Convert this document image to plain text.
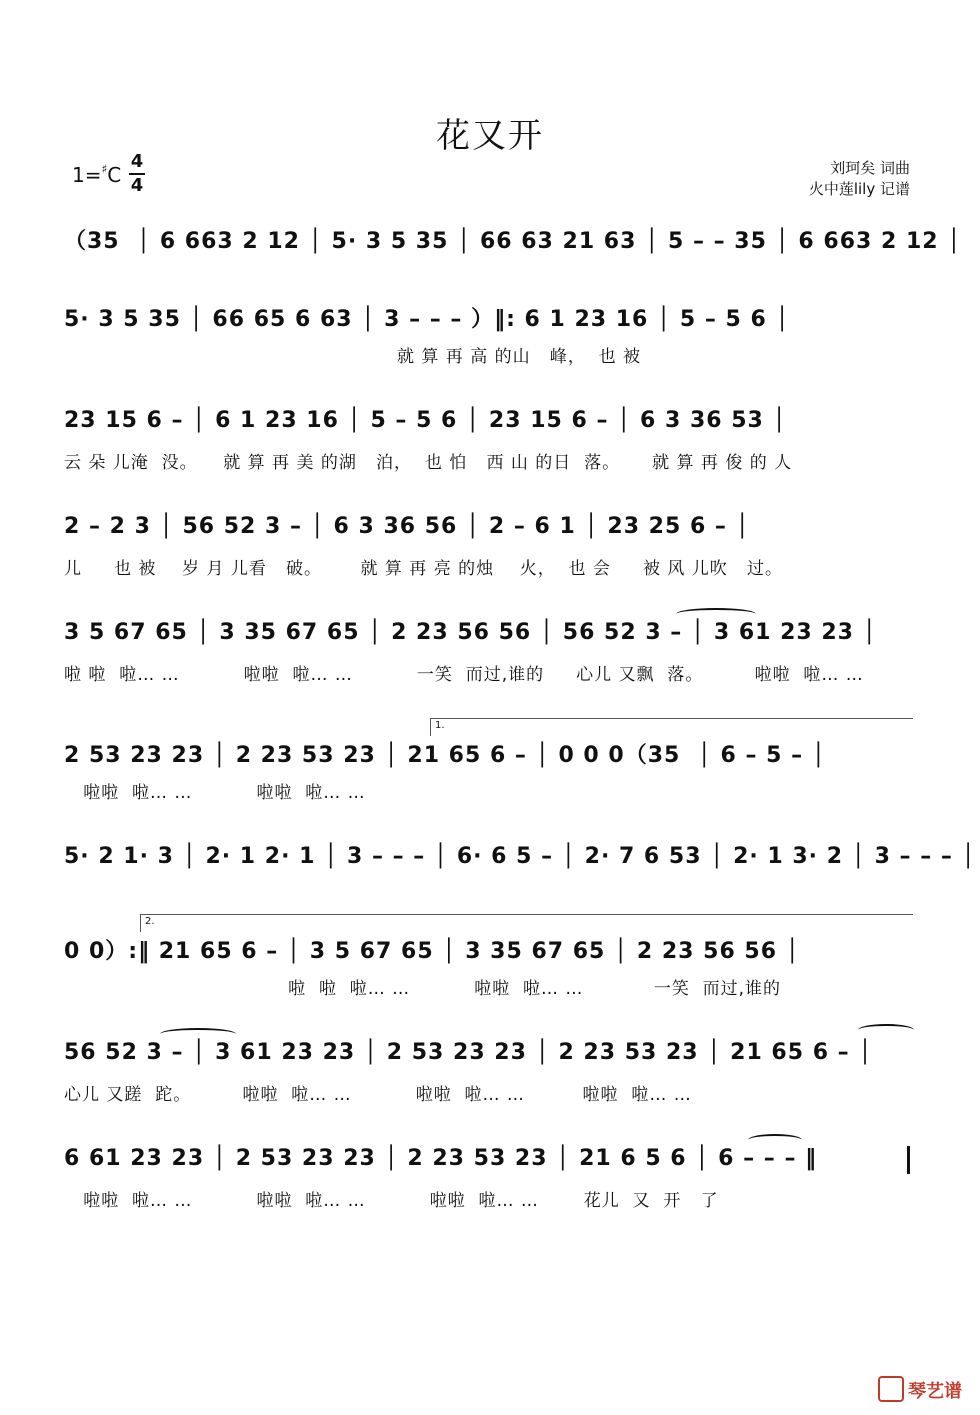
花又开
1=♯C
4
4
刘珂矣 词曲
火中莲lily 记谱
（35  │ 6 663 2 12 │ 5· 3 5 35 │ 66 63 21 63 │ 5 – – 35 │ 6 663 2 12 │
5· 3 5 35 │ 66 65 6 63 │ 3 – – – ）‖: 6 1 23 16 │ 5 – 5 6 │
就 算 再 高 的山   峰，  也 被
23 15 6 – │ 6 1 23 16 │ 5 – 5 6 │ 23 15 6 – │ 6 3 36 53 │
云 朵 儿淹  没。    就 算 再 美 的湖   泊，  也 怕   西 山 的日  落。     就 算 再 俊 的 人
2 – 2 3 │ 56 52 3 – │ 6 3 36 56 │ 2 – 6 1 │ 23 25 6 – │
儿     也 被    岁 月 儿看   破。      就 算 再 亮 的烛    火，  也 会     被 风 儿吹   过。
3 5 67 65 │ 3 35 67 65 │ 2 23 56 56 │ 56 52 3 – │ 3 61 23 23 │
啦 啦  啦… …          啦啦  啦… …          一笑  而过,谁的     心儿 又飘  落。        啦啦  啦… …
1.
2 53 23 23 │ 2 23 53 23 │ 21 65 6 – │ 0 0 0（35  │ 6 – 5 – │
啦啦  啦… …          啦啦  啦… …
5· 2 1· 3 │ 2· 1 2· 1 │ 3 – – – │ 6· 6 5 – │ 2· 7 6 53 │ 2· 1 3· 2 │ 3 – – – │
2.
0 0）:‖ 21 65 6 – │ 3 5 67 65 │ 3 35 67 65 │ 2 23 56 56 │
啦  啦  啦… …          啦啦  啦… …           一笑  而过,谁的
56 52 3 – │ 3 61 23 23 │ 2 53 23 23 │ 2 23 53 23 │ 21 65 6 – │
心儿 又蹉  跎。        啦啦  啦… …          啦啦  啦… …         啦啦  啦… …
6 61 23 23 │ 2 53 23 23 │ 2 23 53 23 │ 21 6 5 6 │ 6 – – – ‖
啦啦  啦… …          啦啦  啦… …          啦啦  啦… …       花儿  又  开   了
琴艺谱
